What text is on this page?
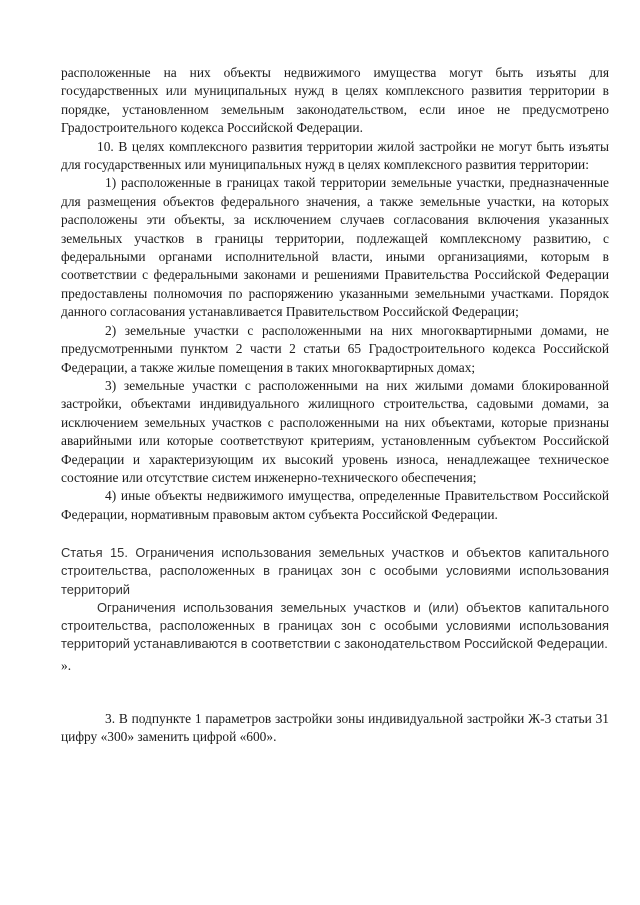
расположенные на них объекты недвижимого имущества могут быть изъяты для государственных или муниципальных нужд в целях комплексного развития территории в порядке, установленном земельным законодательством, если иное не предусмотрено Градостроительного кодекса Российской Федерации.

10. В целях комплексного развития территории жилой застройки не могут быть изъяты для государственных или муниципальных нужд в целях комплексного развития территории:

1) расположенные в границах такой территории земельные участки, предназначенные для размещения объектов федерального значения, а также земельные участки, на которых расположены эти объекты, за исключением случаев согласования включения указанных земельных участков в границы территории, подлежащей комплексному развитию, с федеральными органами исполнительной власти, иными организациями, которым в соответствии с федеральными законами и решениями Правительства Российской Федерации предоставлены полномочия по распоряжению указанными земельными участками. Порядок данного согласования устанавливается Правительством Российской Федерации;

2) земельные участки с расположенными на них многоквартирными домами, не предусмотренными пунктом 2 части 2 статьи 65 Градостроительного кодекса Российской Федерации, а также жилые помещения в таких многоквартирных домах;

3) земельные участки с расположенными на них жилыми домами блокированной застройки, объектами индивидуального жилищного строительства, садовыми домами, за исключением земельных участков с расположенными на них объектами, которые признаны аварийными или которые соответствуют критериям, установленным субъектом Российской Федерации и характеризующим их высокий уровень износа, ненадлежащее техническое состояние или отсутствие систем инженерно-технического обеспечения;

4) иные объекты недвижимого имущества, определенные Правительством Российской Федерации, нормативным правовым актом субъекта Российской Федерации.

Статья 15. Ограничения использования земельных участков и объектов капитального строительства, расположенных в границах зон с особыми условиями использования территорий

Ограничения использования земельных участков и (или) объектов капитального строительства, расположенных в границах зон с особыми условиями использования территорий устанавливаются в соответствии с законодательством Российской Федерации.

».

3. В подпункте 1 параметров застройки зоны индивидуальной застройки Ж-3 статьи 31 цифру «300» заменить цифрой «600».
